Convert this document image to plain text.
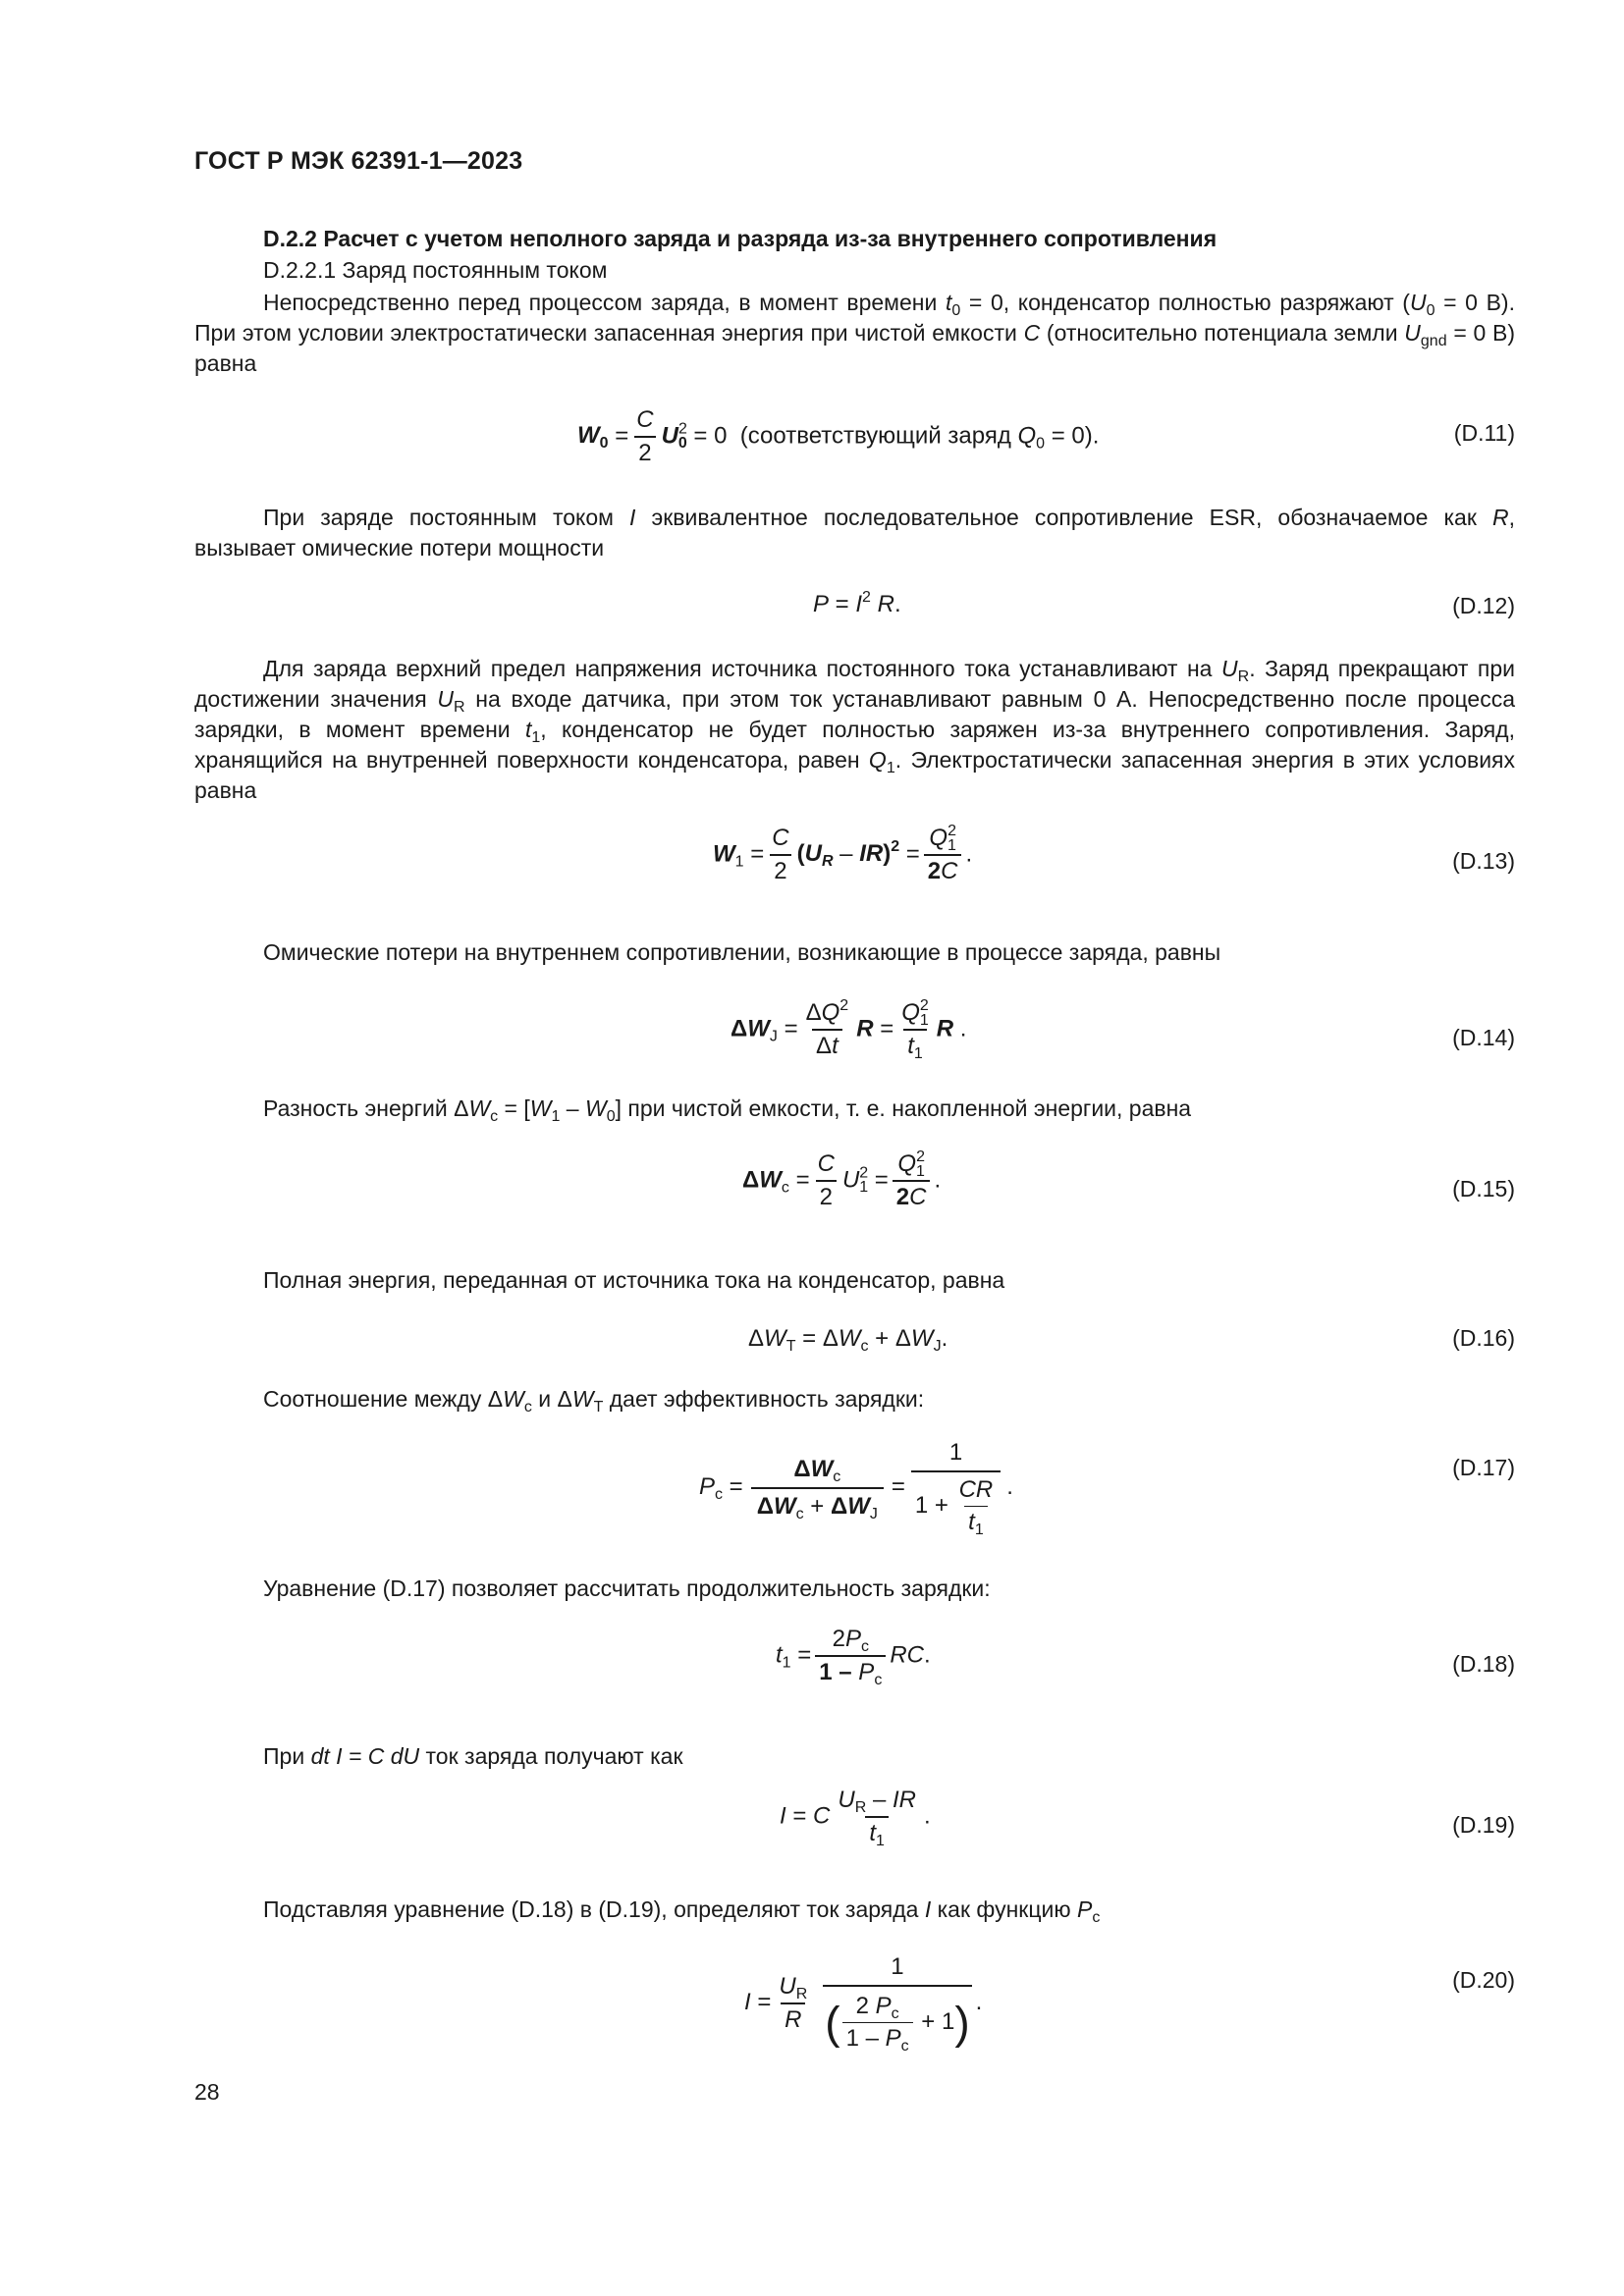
ГОСТ Р МЭК 62391-1—2023
D.2.2 Расчет с учетом неполного заряда и разряда из-за внутреннего сопротивления
D.2.2.1 Заряд постоянным током

Непосредственно перед процессом заряда, в момент времени $t_0 = 0$, конденсатор полностью разряжают ($U_0 = 0$ В). При этом условии электростатически запасенная энергия при чистой емкости C (относительно потенциала земли $U_{gnd} = 0$ В) равна

$W_0 = \frac{C}{2} U^2_0 = 0$  (соответствующий заряд $Q_0 = 0$).	(D.11)

При заряде постоянным током I эквивалентное последовательное сопротивление ESR, обозначаемое как R, вызывает омические потери мощности

$P = I^2$ R.	(D.12)

Для заряда верхний предел напряжения источника постоянного тока устанавливают на $U_R$. Заряд прекращают при достижении значения $U_R$ на входе датчика, при этом ток устанавливают равным 0 А. Непосредственно после процесса зарядки, в момент времени $t_1$, конденсатор не будет полностью заряжен из-за внутреннего сопротивления. Заряд, хранящийся на внутренней поверхности конденсатора, равен $Q_1$. Электростатически запасенная энергия в этих условиях равна

$W_1 = \frac{C}{2} (U_R - IR)^2 = \frac{Q^2_1}{2C}$ .	(D.13)
Омические потери на внутреннем сопротивлении, возникающие в процессе заряда, равны
$\Delta W_J = \frac{\Delta Q^2}{\Delta t}$ $R = \frac{Q^2_1}{t_1}$ R .	(D.14)
Разность энергий $\Delta W_c = [W_1 - W_0]$ при чистой емкости, т. е. накопленной энергии, равна
$\Delta W_c = \frac{C}{2} U^2_1 = \frac{Q^2_1}{2C}$ .	(D.15)
Полная энергия, переданная от источника тока на конденсатор, равна
$\Delta W_T = \Delta W_c + \Delta W_J$.	(D.16)
Соотношение между $\Delta W_c$ и $\Delta W_T$ дает эффективность зарядки:
$P_c = \frac{\Delta W_c}{\Delta W_c + \Delta W_J} = \frac{1}{1 + \frac{CR}{t_1}}$ .
(D.17)
Уравнение (D.17) позволяет рассчитать продолжительность зарядки:
$t_1 = \frac{2P_c}{1 - P_c}$ RC.	(D.18)
При dt I = C dU ток заряда получают как
I = C $\frac{U_R - IR}{t_1}$ .	(D.19)
Подставляя уравнение (D.18) в (D.19), определяют ток заряда I как функцию $P_c$
$I = \frac{U_R}{R} \frac{1}{( \frac{2 P_c}{1 - P_c} + 1)}$ .
(D.20)
28
